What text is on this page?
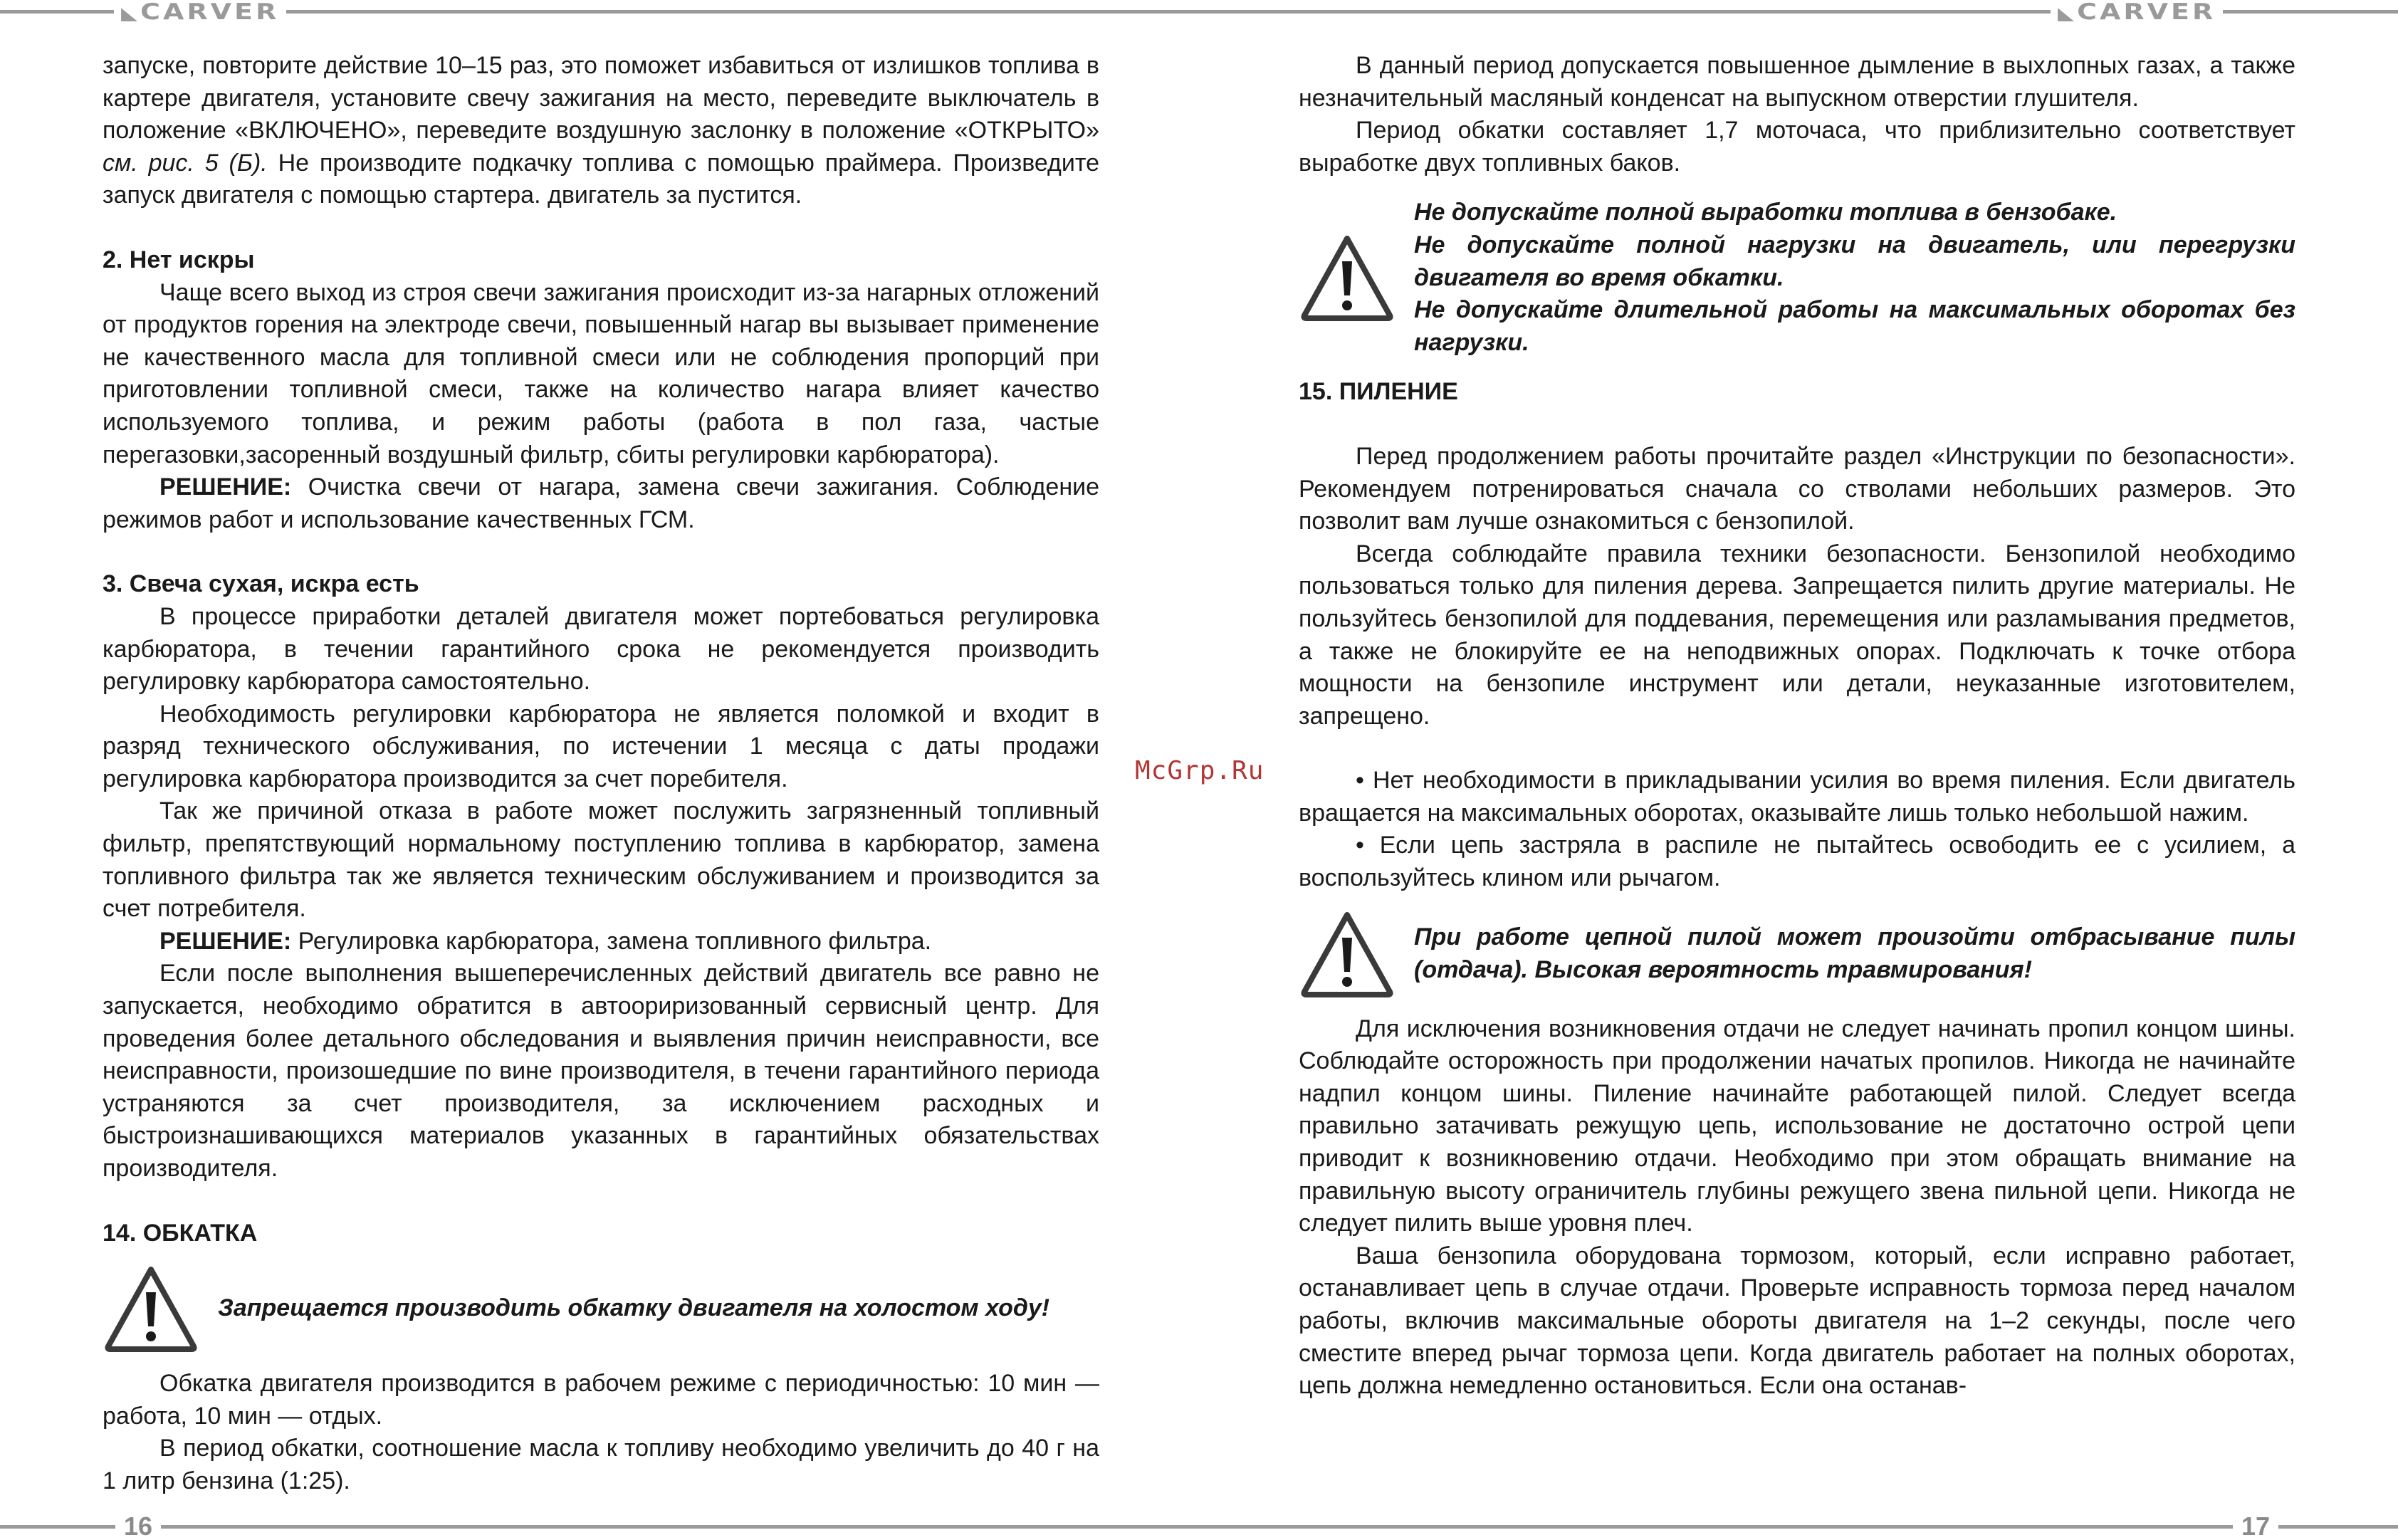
◣CARVER

запуске, повторите действие 10–15 раз, это поможет избавиться от излишков топлива в картере двигателя, установите свечу зажигания на место, переведите выключатель в положение «ВКЛЮЧЕНО», переведите воздушную заслонку в положение «ОТКРЫТО» см. рис. 5 (Б). Не производите подкачку топлива с помощью праймера. Произведите запуск двигателя с помощью стартера. двигатель за пустится.

2. Нет искры

Чаще всего выход из строя свечи зажигания происходит из-за нагарных отложений от продуктов горения на электроде свечи, повышенный нагар вы вызывает применение не качественного масла для топливной смеси или не соблюдения пропорций при приготовлении топливной смеси, также на количество нагара влияет качество используемого топлива, и режим работы (работа в пол газа, частые перегазовки,засоренный воздушный фильтр, сбиты регулировки карбюратора).

РЕШЕНИЕ: Очистка свечи от нагара, замена свечи зажигания. Соблюдение режимов работ и использование качественных ГСМ.

3. Свеча сухая, искра есть

В процессе приработки деталей двигателя может портебоваться регулировка карбюратора, в течении гарантийного срока не рекомендуется производить регулировку карбюратора самостоятельно.

Необходимость регулировки карбюратора не является поломкой и входит в разряд технического обслуживания, по истечении 1 месяца с даты продажи регулировка карбюратора производится за счет поребителя.

Так же причиной отказа в работе может послужить загрязненный топливный фильтр, препятствующий нормальному поступлению топлива в карбюратор, замена топливного фильтра так же является техническим обслуживанием и производится за счет потребителя.

РЕШЕНИЕ: Регулировка карбюратора, замена топливного фильтра.

Если после выполнения вышеперечисленных действий двигатель все равно не запускается, необходимо обратится в автоориризованный сервисный центр. Для проведения более детального обследования и выявления причин неисправности, все неисправности, произошедшие по вине производителя, в течени гарантийного периода устраняются за счет производителя, за исключением расходных и быстроизнашивающихся материалов указанных в гарантийных обязательствах производителя.

14. ОБКАТКА
Запрещается производить обкатку двигателя на холостом ходу!

Обкатка двигателя производится в рабочем режиме с периодичностью: 10 мин — работа, 10 мин — отдых.

В период обкатки, соотношение масла к топливу необходимо увеличить до 40 г на 1 литр бензина (1:25).

16
◣CARVER

В данный период допускается повышенное дымление в выхлопных газах, а также незначительный масляный конденсат на выпускном отверстии глушителя.

Период обкатки составляет 1,7 моточаса, что приблизительно соответствует выработке двух топливных баков.

Не допускайте полной выработки топлива в бензобаке.
Не допускайте полной нагрузки на двигатель, или перегрузки двигателя во время обкатки.
Не допускайте длительной работы на максимальных оборотах без нагрузки.
15. ПИЛЕНИЕ

Перед продолжением работы прочитайте раздел «Инструкции по безопасности». Рекомендуем потренироваться сначала со стволами небольших размеров. Это позволит вам лучше ознакомиться с бензопилой.

Всегда соблюдайте правила техники безопасности. Бензопилой необходимо пользоваться только для пиления дерева. Запрещается пилить другие материалы. Не пользуйтесь бензопилой для поддевания, перемещения или разламывания предметов, а также не блокируйте ее на неподвижных опорах. Подключать к точке отбора мощности на бензопиле инструмент или детали, неуказанные изготовителем, запрещено.

• Нет необходимости в прикладывании усилия во время пиления. Если двигатель вращается на максимальных оборотах, оказывайте лишь только небольшой нажим.

• Если цепь застряла в распиле не пытайтесь освободить ее с усилием, а воспользуйтесь клином или рычагом.

При работе цепной пилой может произойти отбрасывание пилы (отдача). Высокая вероятность травмирования!

Для исключения возникновения отдачи не следует начинать пропил концом шины. Соблюдайте осторожность при продолжении начатых пропилов. Никогда не начинайте надпил концом шины. Пиление начинайте работающей пилой. Следует всегда правильно затачивать режущую цепь, использование не достаточно острой цепи приводит к возникновению отдачи. Необходимо при этом обращать внимание на правильную высоту ограничитель глубины режущего звена пильной цепи. Никогда не следует пилить выше уровня плеч.

Ваша бензопила оборудована тормозом, который, если исправно работает, останавливает цепь в случае отдачи. Проверьте исправность тормоза перед началом работы, включив максимальные обороты двигателя на 1–2 секунды, после чего сместите вперед рычаг тормоза цепи. Когда двигатель работает на полных оборотах, цепь должна немедленно остановиться. Если она останав-

17
McGrp.Ru
